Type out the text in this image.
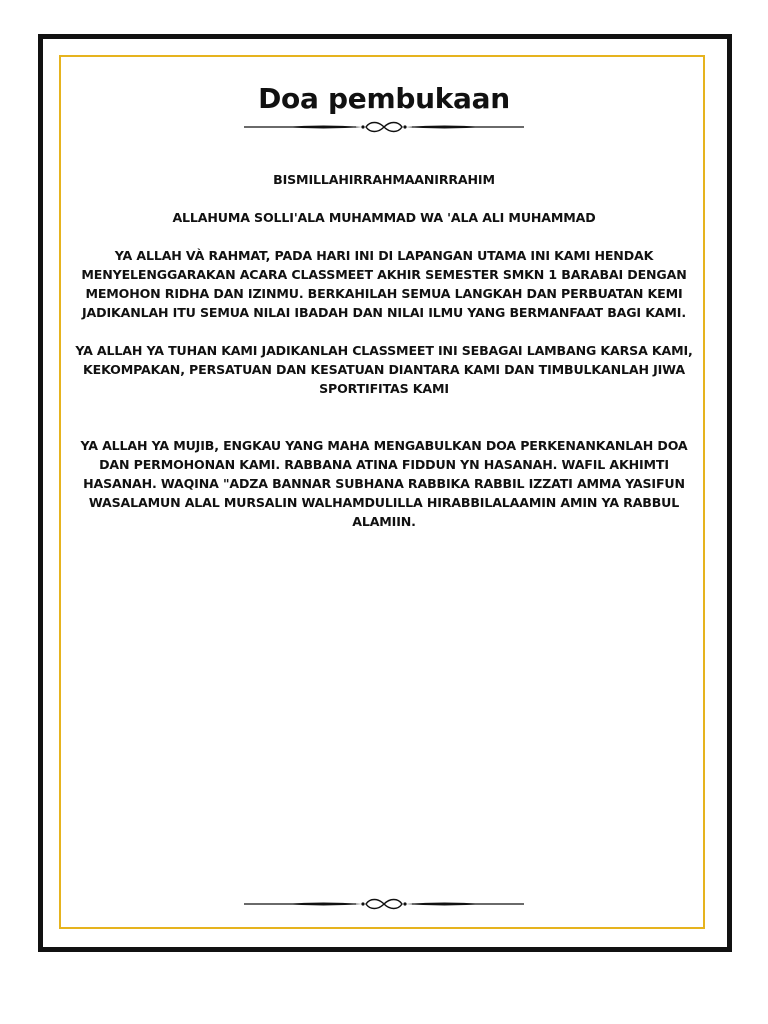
Doa pembukaan

BISMILLAHIRRAHMAANIRRAHIM

ALLAHUMA SOLLI'ALA MUHAMMAD WA 'ALA ALI MUHAMMAD

YA ALLAH VÀ RAHMAT, PADA HARI INI DI LAPANGAN UTAMA INI KAMI HENDAK MENYELENGGARAKAN ACARA CLASSMEET AKHIR SEMESTER SMKN 1 BARABAI DENGAN MEMOHON RIDHA DAN IZINMU. BERKAHILAH SEMUA LANGKAH DAN PERBUATAN KEMI JADIKANLAH ITU SEMUA NILAI IBADAH DAN NILAI ILMU YANG BERMANFAAT BAGI KAMI.

YA ALLAH YA TUHAN KAMI JADIKANLAH CLASSMEET INI SEBAGAI LAMBANG KARSA KAMI, KEKOMPAKAN, PERSATUAN DAN KESATUAN DIANTARA KAMI DAN TIMBULKANLAH JIWA SPORTIFITAS KAMI

YA ALLAH YA MUJIB, ENGKAU YANG MAHA MENGABULKAN DOA PERKENANKANLAH DOA DAN PERMOHONAN KAMI. RABBANA ATINA FIDDUN YN HASANAH. WAFIL AKHIMTI HASANAH. WAQINA "ADZA BANNAR SUBHANA RABBIKA RABBIL IZZATI AMMA YASIFUN WASALAMUN ALAL MURSALIN WALHAMDULILLA HIRABBILALAAMIN AMIN YA RABBUL ALAMIIN.
